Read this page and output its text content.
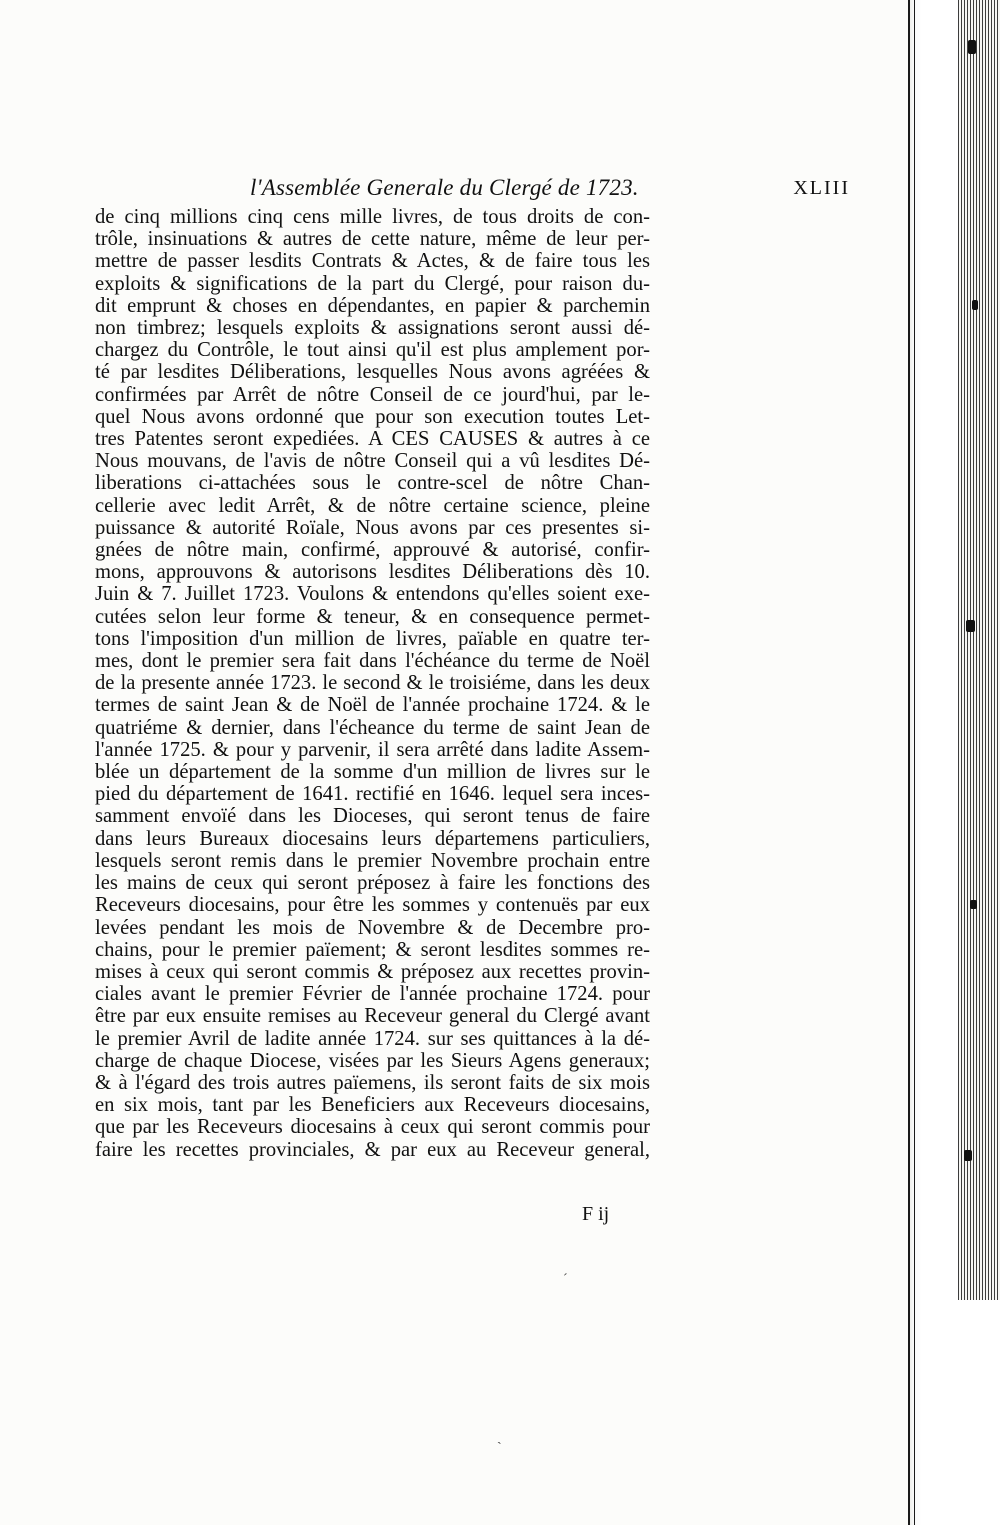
l'Assemblée Generale du Clergé de 1723.	XLIII
de cinq millions cinq cens mille livres, de tous droits de con-
trôle, insinuations & autres de cette nature, même de leur per-
mettre de passer lesdits Contrats & Actes, & de faire tous les
exploits & significations de la part du Clergé, pour raison du-
dit emprunt & choses en dépendantes, en papier & parchemin
non timbrez; lesquels exploits & assignations seront aussi dé-
chargez du Contrôle, le tout ainsi qu'il est plus amplement por-
té par lesdites Déliberations, lesquelles Nous avons agréées &
confirmées par Arrêt de nôtre Conseil de ce jourd'hui, par le-
quel Nous avons ordonné que pour son execution toutes Let-
tres Patentes seront expediées. A CES CAUSES & autres à ce
Nous mouvans, de l'avis de nôtre Conseil qui a vû lesdites Dé-
liberations ci-attachées sous le contre-scel de nôtre Chan-
cellerie avec ledit Arrêt, & de nôtre certaine science, pleine
puissance & autorité Roïale, Nous avons par ces presentes si-
gnées de nôtre main, confirmé, approuvé & autorisé, confir-
mons, approuvons & autorisons lesdites Déliberations dès 10.
Juin & 7. Juillet 1723. Voulons & entendons qu'elles soient exe-
cutées selon leur forme & teneur, & en consequence permet-
tons l'imposition d'un million de livres, païable en quatre ter-
mes, dont le premier sera fait dans l'échéance du terme de Noël
de la presente année 1723. le second & le troisiéme, dans les deux
termes de saint Jean & de Noël de l'année prochaine 1724. & le
quatriéme & dernier, dans l'écheance du terme de saint Jean de
l'année 1725. & pour y parvenir, il sera arrêté dans ladite Assem-
blée un département de la somme d'un million de livres sur le
pied du département de 1641. rectifié en 1646. lequel sera inces-
samment envoïé dans les Dioceses, qui seront tenus de faire
dans leurs Bureaux diocesains leurs départemens particuliers,
lesquels seront remis dans le premier Novembre prochain entre
les mains de ceux qui seront préposez à faire les fonctions des
Receveurs diocesains, pour être les sommes y contenuës par eux
levées pendant les mois de Novembre & de Decembre pro-
chains, pour le premier païement; & seront lesdites sommes re-
mises à ceux qui seront commis & préposez aux recettes provin-
ciales avant le premier Février de l'année prochaine 1724. pour
être par eux ensuite remises au Receveur general du Clergé avant
le premier Avril de ladite année 1724. sur ses quittances à la dé-
charge de chaque Diocese, visées par les Sieurs Agens generaux;
& à l'égard des trois autres païemens, ils seront faits de six mois
en six mois, tant par les Beneficiers aux Receveurs diocesains,
que par les Receveurs diocesains à ceux qui seront commis pour
faire les recettes provinciales, & par eux au Receveur general,
F ij
ˊ
ˏ
